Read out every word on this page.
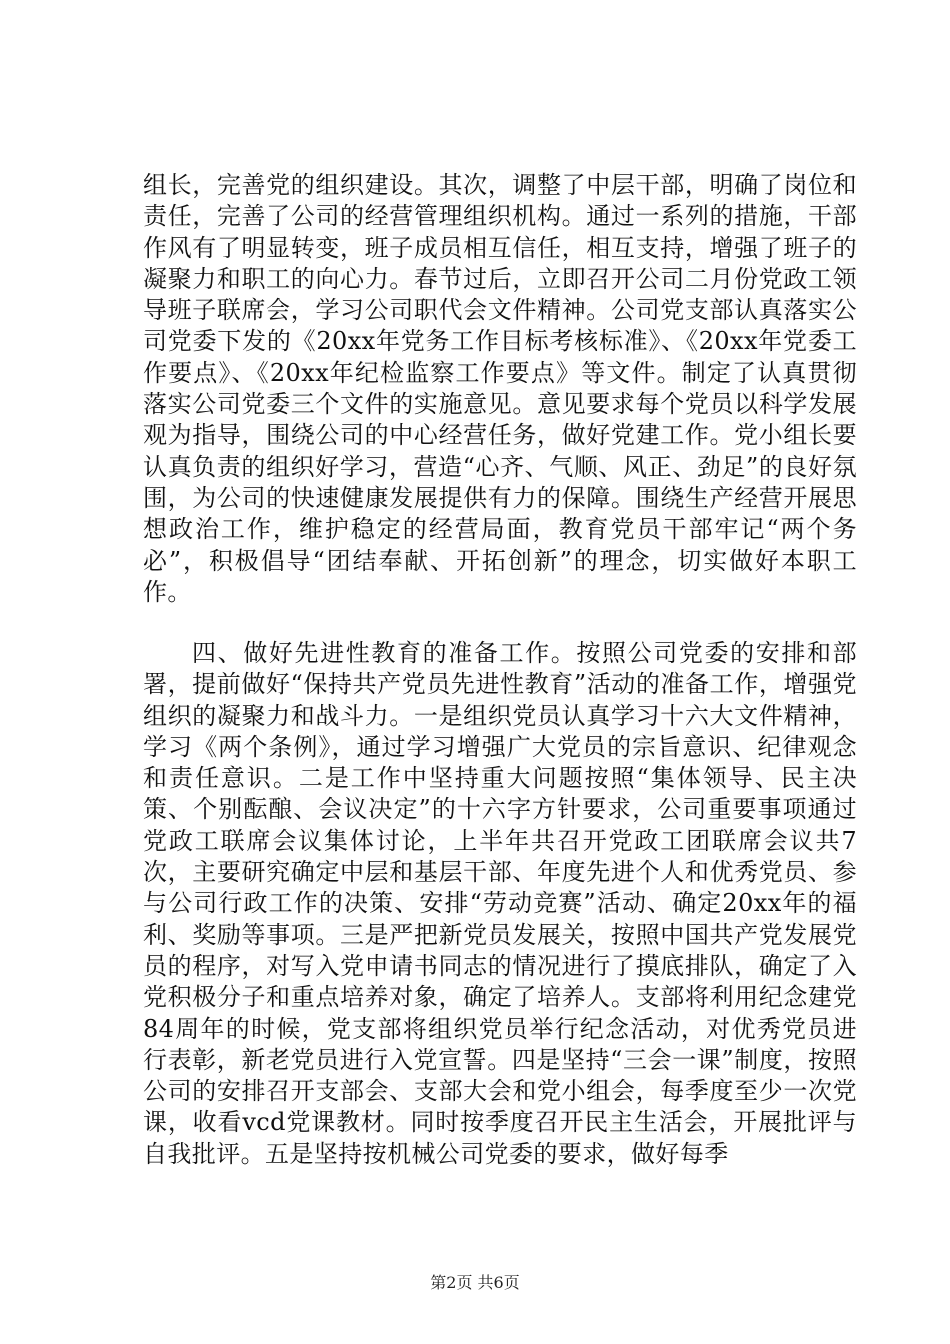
组长，完善党的组织建设。其次，调整了中层干部，明确了岗位和责任，完善了公司的经营管理组织机构。通过一系列的措施，干部作风有了明显转变，班子成员相互信任，相互支持，增强了班子的凝聚力和职工的向心力。春节过后，立即召开公司二月份党政工领导班子联席会，学习公司职代会文件精神。公司党支部认真落实公司党委下发的《20xx年党务工作目标考核标准》、《20xx年党委工作要点》、《20xx年纪检监察工作要点》等文件。制定了认真贯彻落实公司党委三个文件的实施意见。意见要求每个党员以科学发展观为指导，围绕公司的中心经营任务，做好党建工作。党小组长要认真负责的组织好学习，营造“心齐、气顺、风正、劲足”的良好氛围，为公司的快速健康发展提供有力的保障。围绕生产经营开展思想政治工作，维护稳定的经营局面，教育党员干部牢记“两个务必”，积极倡导“团结奉献、开拓创新”的理念，切实做好本职工作。

四、做好先进性教育的准备工作。按照公司党委的安排和部署，提前做好“保持共产党员先进性教育”活动的准备工作，增强党组织的凝聚力和战斗力。一是组织党员认真学习十六大文件精神，学习《两个条例》，通过学习增强广大党员的宗旨意识、纪律观念和责任意识。二是工作中坚持重大问题按照“集体领导、民主决策、个别酝酿、会议决定”的十六字方针要求，公司重要事项通过党政工联席会议集体讨论，上半年共召开党政工团联席会议共7次，主要研究确定中层和基层干部、年度先进个人和优秀党员、参与公司行政工作的决策、安排“劳动竞赛”活动、确定20xx年的福利、奖励等事项。三是严把新党员发展关，按照中国共产党发展党员的程序，对写入党申请书同志的情况进行了摸底排队，确定了入党积极分子和重点培养对象，确定了培养人。支部将利用纪念建党84周年的时候，党支部将组织党员举行纪念活动，对优秀党员进行表彰，新老党员进行入党宣誓。四是坚持“三会一课”制度，按照公司的安排召开支部会、支部大会和党小组会，每季度至少一次党课，收看vcd党课教材。同时按季度召开民主生活会，开展批评与自我批评。五是坚持按机械公司党委的要求，做好每季

第2页 共6页
